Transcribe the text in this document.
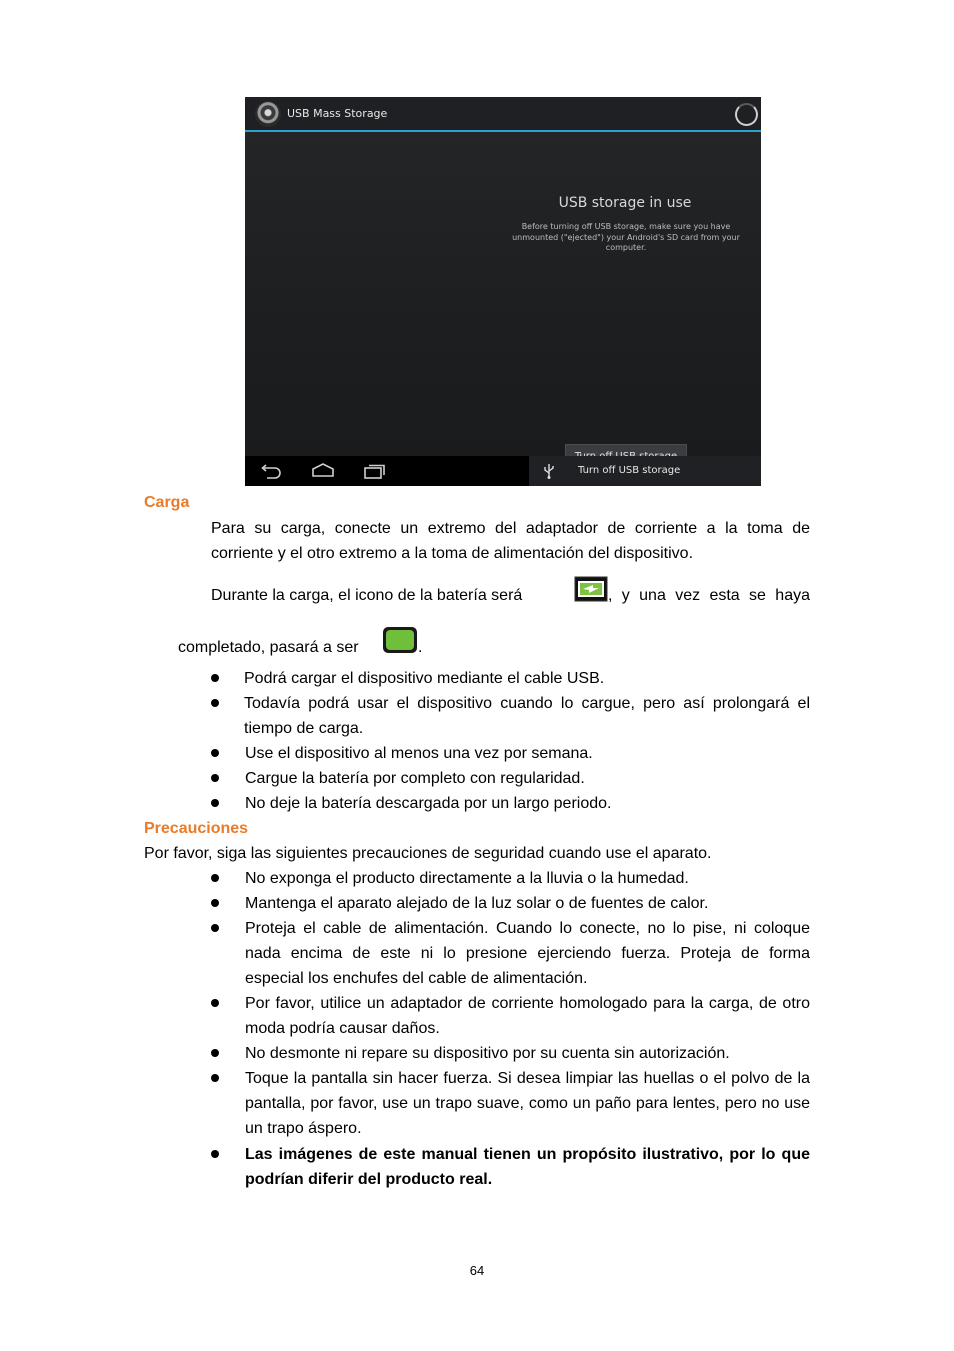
USB Mass Storage
USB storage in use
Before turning off USB storage, make sure you have unmounted ("ejected") your Android's SD card from your computer.
Turn off USB storage
Carga
Para su carga, conecte un extremo del adaptador de corriente a la toma de corriente y el otro extremo a la toma de alimentación del dispositivo.
Durante la carga, el icono de la batería será	, y una vez esta se haya
completado, pasará a ser	.
Podrá cargar el dispositivo mediante el cable USB.
Todavía podrá usar el dispositivo cuando lo cargue, pero así prolongará el tiempo de carga.
Use el dispositivo al menos una vez por semana.
Cargue la batería por completo con regularidad.
No deje la batería descargada por un largo periodo.
Precauciones
Por favor, siga las siguientes precauciones de seguridad cuando use el aparato.
No exponga el producto directamente a la lluvia o la humedad.
Mantenga el aparato alejado de la luz solar o de fuentes de calor.
Proteja el cable de alimentación. Cuando lo conecte, no lo pise, ni coloque nada encima de este ni lo presione ejerciendo fuerza. Proteja de forma especial los enchufes del cable de alimentación.
Por favor, utilice un adaptador de corriente homologado para la carga, de otro moda podría causar daños.
No desmonte ni repare su dispositivo por su cuenta sin autorización.
Toque la pantalla sin hacer fuerza. Si desea limpiar las huellas o el polvo de la pantalla, por favor, use un trapo suave, como un paño para lentes, pero no use un trapo áspero.
Las imágenes de este manual tienen un propósito ilustrativo, por lo que podrían diferir del producto real.
64
